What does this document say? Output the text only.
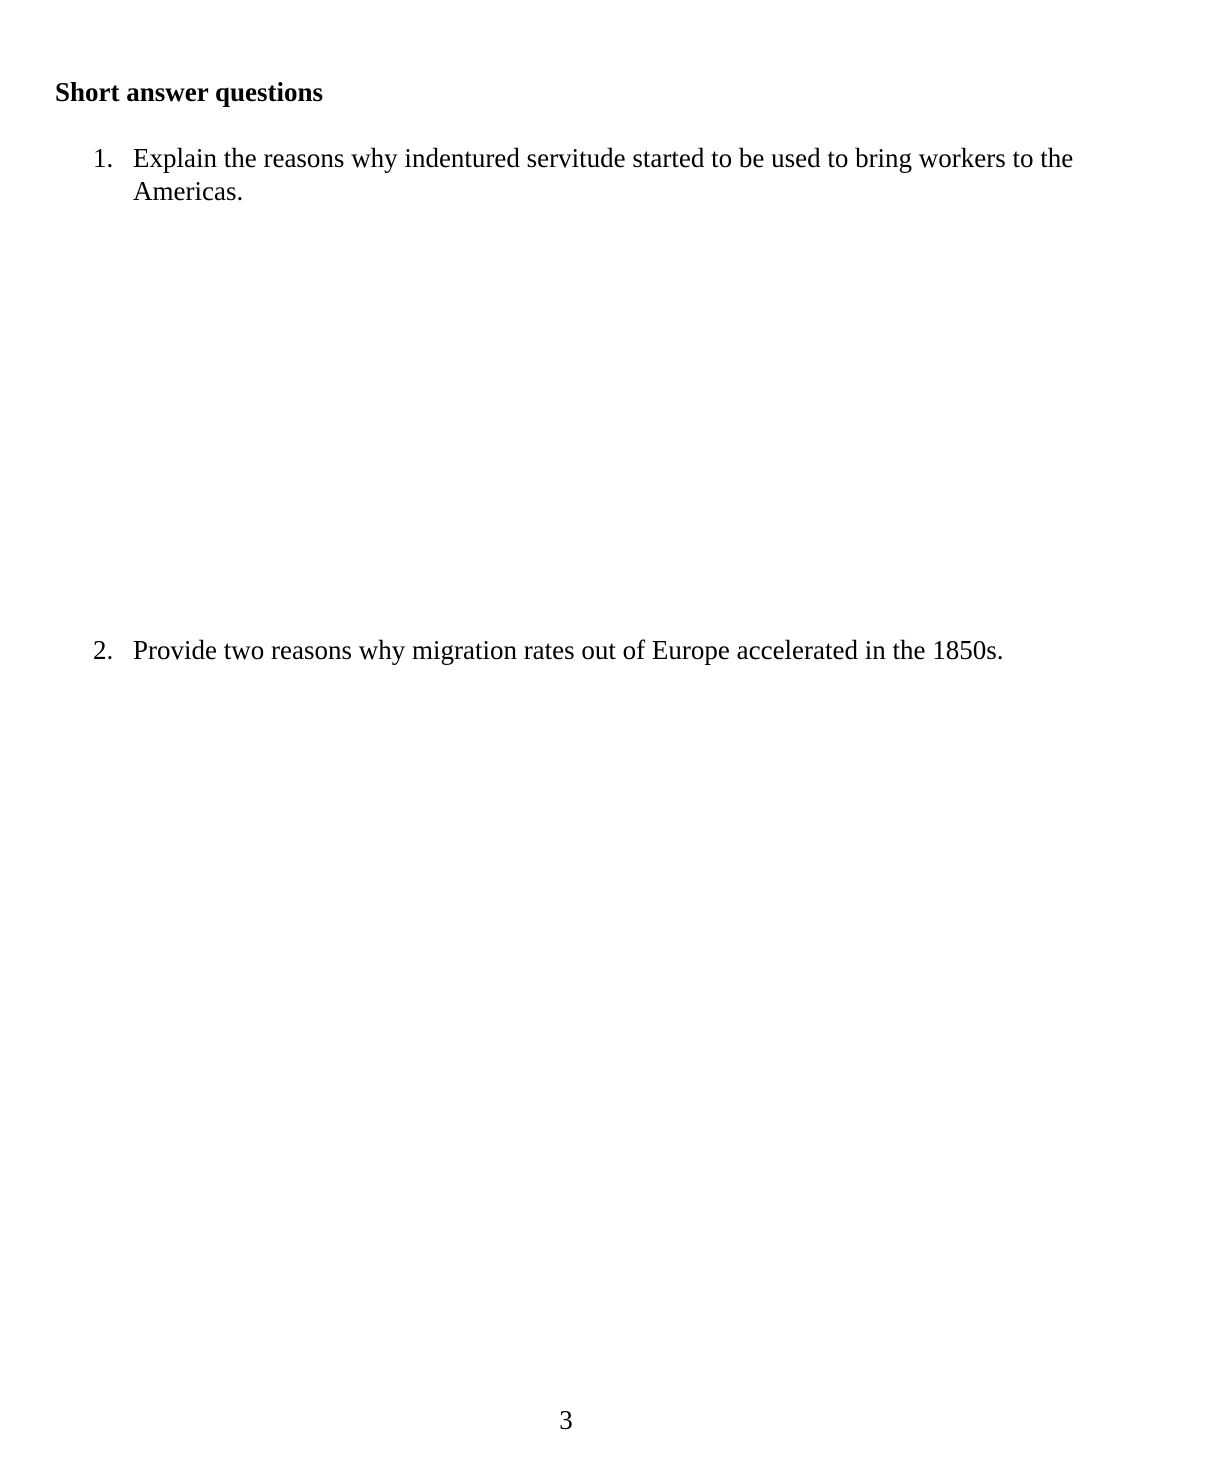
Short answer questions
1. Explain the reasons why indentured servitude started to be used to bring workers to the Americas.
2. Provide two reasons why migration rates out of Europe accelerated in the 1850s.
3
